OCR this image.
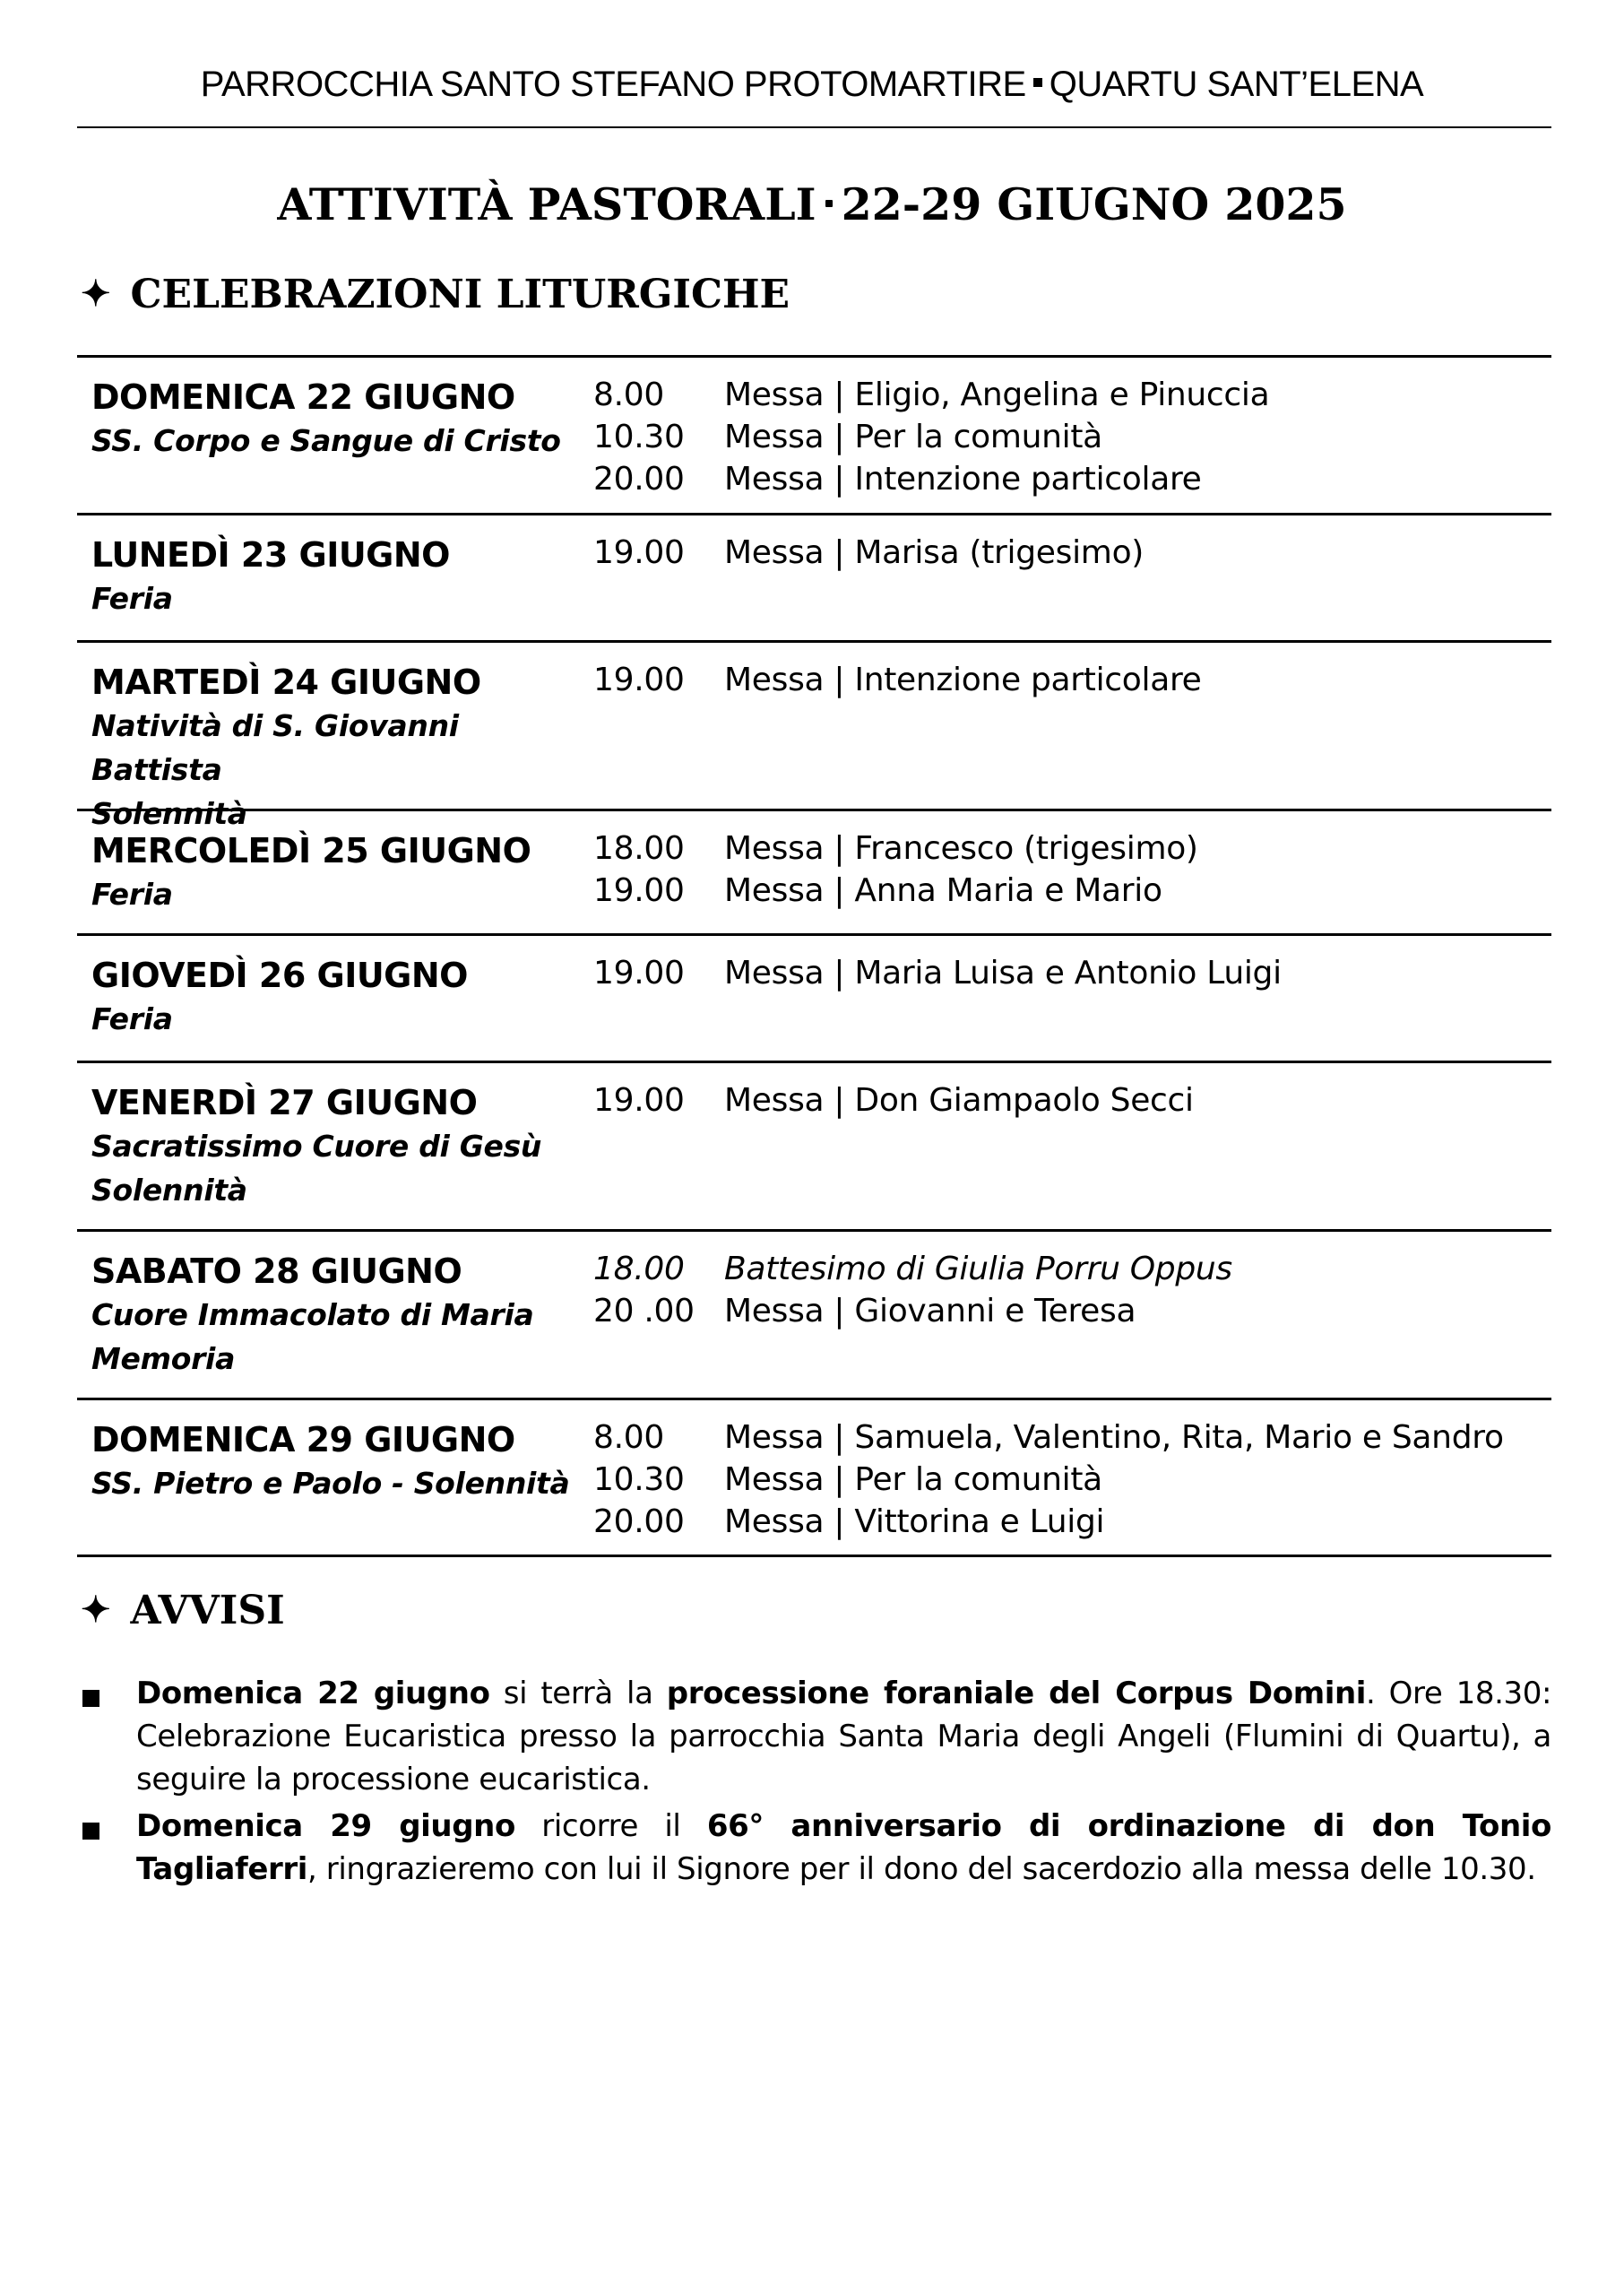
PARROCCHIA SANTO STEFANO PROTOMARTIRE QUARTU SANT’ELENA
ATTIVITÀ PASTORALI 22-29 GIUGNO 2025
✦ CELEBRAZIONI LITURGICHE
DOMENICA 22 GIUGNO
SS. Corpo e Sangue di Cristo
8.00	Messa | Eligio, Angelina e Pinuccia
10.30	Messa | Per la comunità
20.00	Messa | Intenzione particolare
LUNEDÌ 23 GIUGNO
Feria
19.00	Messa | Marisa (trigesimo)
MARTEDÌ 24 GIUGNO
Natività di S. Giovanni Battista
Solennità
19.00	Messa | Intenzione particolare
MERCOLEDÌ 25 GIUGNO
Feria
18.00	Messa | Francesco (trigesimo)
19.00	Messa | Anna Maria e Mario
GIOVEDÌ 26 GIUGNO
Feria
19.00	Messa | Maria Luisa e Antonio Luigi
VENERDÌ 27 GIUGNO
Sacratissimo Cuore di Gesù
Solennità
19.00	Messa | Don Giampaolo Secci
SABATO 28 GIUGNO
Cuore Immacolato di Maria
Memoria
18.00	Battesimo di Giulia Porru Oppus
20 .00 Messa | Giovanni e Teresa
DOMENICA 29 GIUGNO
SS. Pietro e Paolo - Solennità
8.00	Messa | Samuela, Valentino, Rita, Mario e Sandro
10.30	Messa | Per la comunità
20.00	Messa | Vittorina e Luigi
✦ AVVISI

Domenica 22 giugno si terrà la processione foraniale del Corpus Domini. Ore 18.30: Celebrazione Eucaristica presso la parrocchia Santa Maria degli Angeli (Flumini di Quartu), a seguire la processione eucaristica.

Domenica 29 giugno ricorre il 66° anniversario di ordinazione di don Tonio Tagliaferri, ringrazieremo con lui il Signore per il dono del sacerdozio alla messa delle 10.30.
